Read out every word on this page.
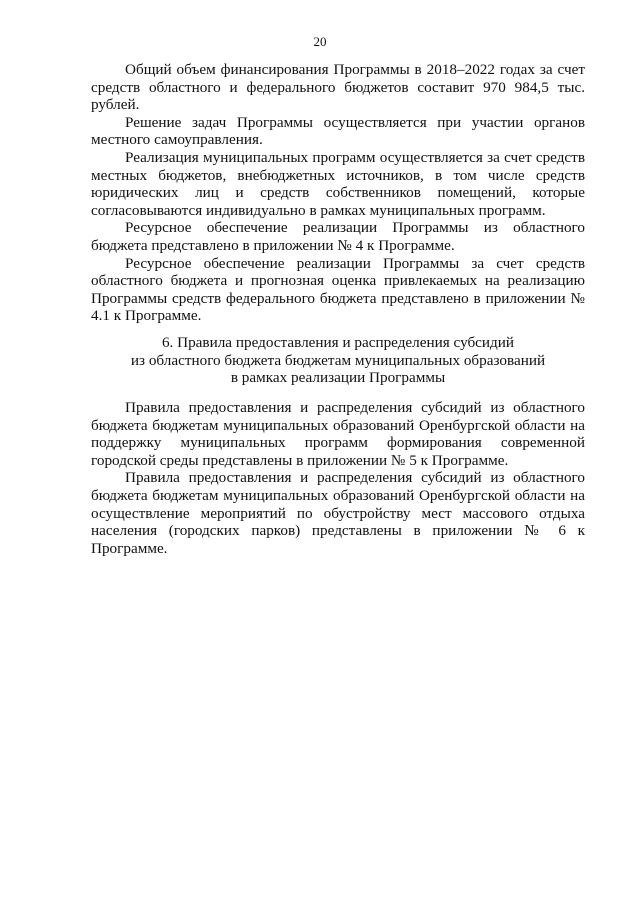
20

Общий объем финансирования Программы в 2018–2022 годах за счет средств областного и федерального бюджетов составит 970 984,5 тыс. рублей.

Решение задач Программы осуществляется при участии органов местного самоуправления.

Реализация муниципальных программ осуществляется за счет средств местных бюджетов, внебюджетных источников, в том числе средств юридических лиц и средств собственников помещений, которые согласовываются индивидуально в рамках муниципальных программ.

Ресурсное обеспечение реализации Программы из областного бюджета представлено в приложении № 4 к Программе.

Ресурсное обеспечение реализации Программы за счет средств областного бюджета и прогнозная оценка привлекаемых на реализацию Программы средств федерального бюджета представлено в приложении № 4.1 к Программе.

6. Правила предоставления и распределения субсидий
из областного бюджета бюджетам муниципальных образований
в рамках реализации Программы

Правила предоставления и распределения субсидий из областного бюджета бюджетам муниципальных образований Оренбургской области на поддержку муниципальных программ формирования современной городской среды представлены в приложении № 5 к Программе.

Правила предоставления и распределения субсидий из областного бюджета бюджетам муниципальных образований Оренбургской области на осуществление мероприятий по обустройству мест массового отдыха населения (городских парков) представлены в приложении № 6 к Программе.
